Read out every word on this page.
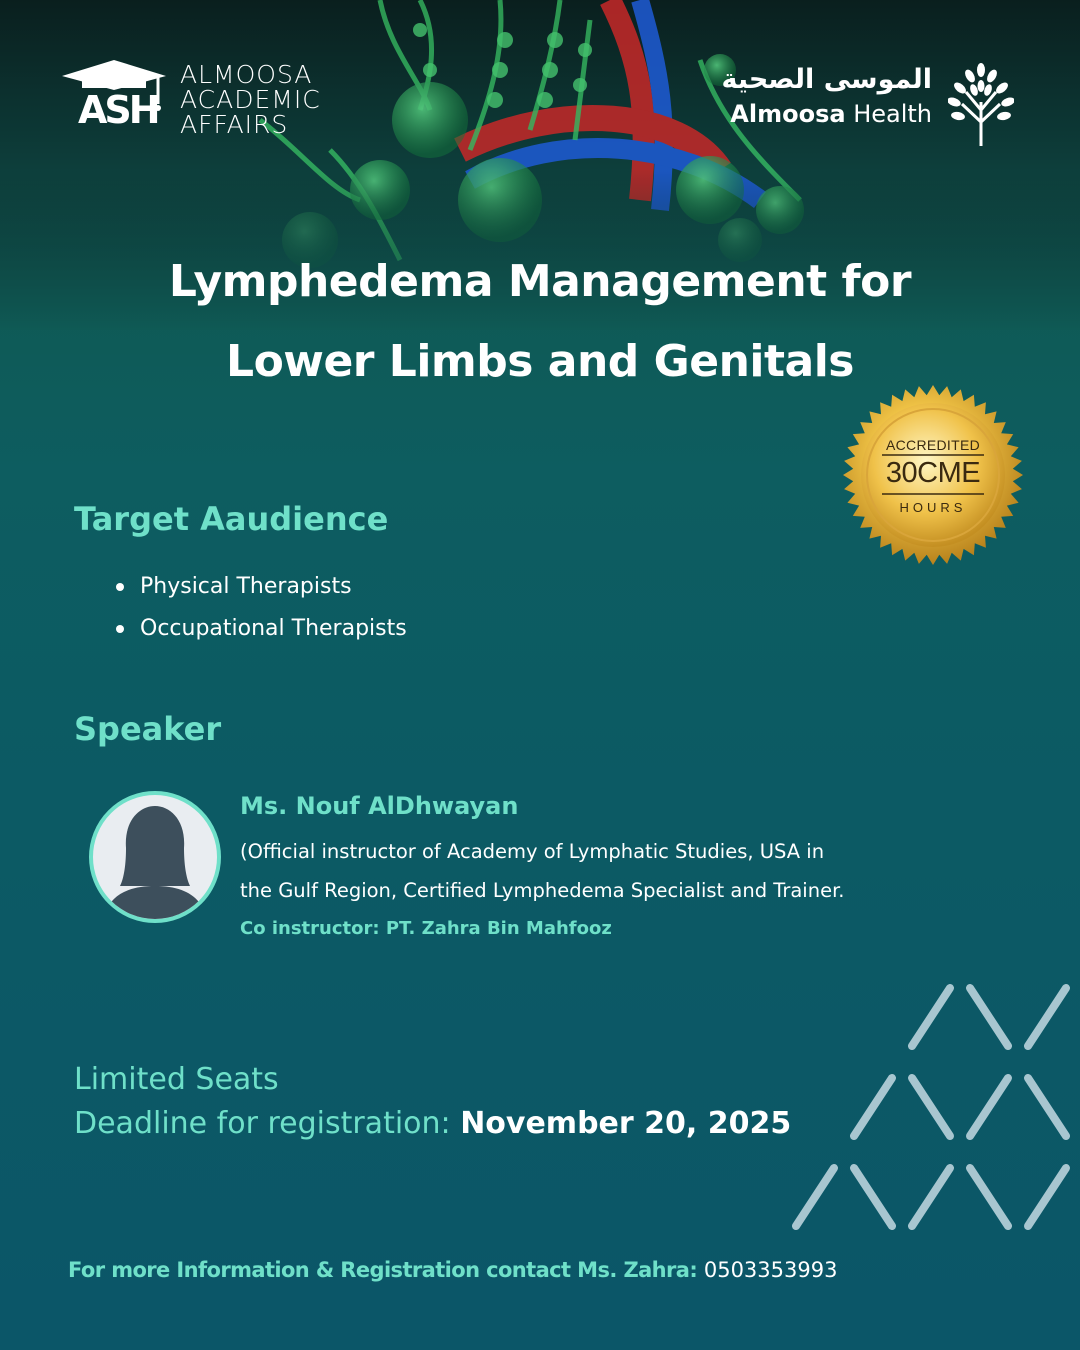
ASH
ALMOOSA
ACADEMIC
AFFAIRS
الموسى الصحية
Almoosa Health
Lymphedema Management for
Lower Limbs and Genitals
ACCREDITED
30CME
HOURS
Target Aaudience
Physical Therapists
Occupational Therapists
Speaker
Ms. Nouf AlDhwayan
(Official instructor of Academy of Lymphatic Studies, USA in the Gulf Region, Certified Lymphedema Specialist and Trainer.
Co instructor: PT. Zahra Bin Mahfooz
Limited Seats
Deadline for registration: November 20, 2025
For more Information & Registration contact Ms. Zahra: 0503353993
